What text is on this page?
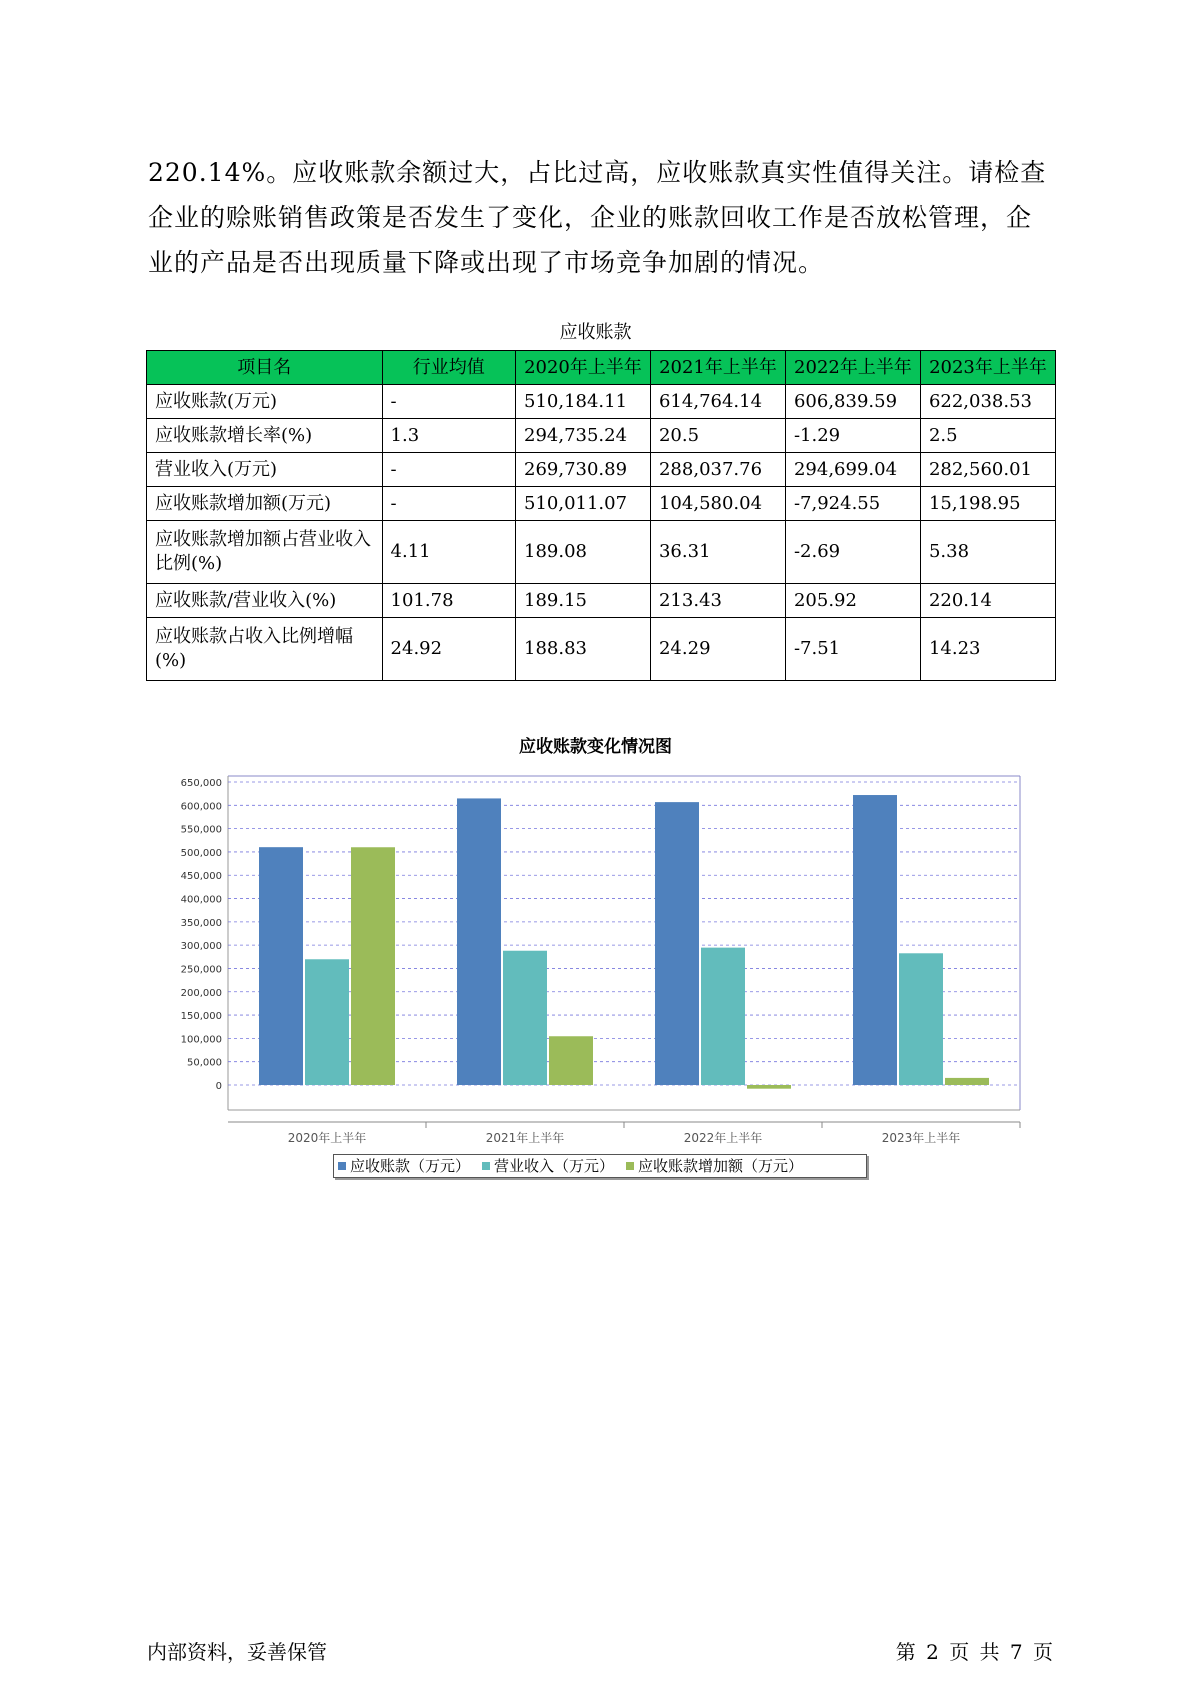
220.14%。应收账款余额过大，占比过高，应收账款真实性值得关注。请检查企业的赊账销售政策是否发生了变化，企业的账款回收工作是否放松管理，企业的产品是否出现质量下降或出现了市场竞争加剧的情况。
应收账款
项目名	行业均值	2020年上半年	2021年上半年	2022年上半年	2023年上半年
应收账款(万元)	-	510,184.11	614,764.14	606,839.59	622,038.53
应收账款增长率(%)	1.3	294,735.24	20.5	-1.29	2.5
营业收入(万元)	-	269,730.89	288,037.76	294,699.04	282,560.01
应收账款增加额(万元)	-	510,011.07	104,580.04	-7,924.55	15,198.95
应收账款增加额占营业收入比例(%)	4.11	189.08	36.31	-2.69	5.38
应收账款/营业收入(%)	101.78	189.15	213.43	205.92	220.14
应收账款占收入比例增幅(%)	24.92	188.83	24.29	-7.51	14.23
应收账款变化情况图
650,000
600,000
550,000
500,000
450,000
400,000
350,000
300,000
250,000
200,000
150,000
100,000
50,000
0
2020年上半年	2021年上半年	2022年上半年	2023年上半年
应收账款（万元） 营业收入（万元） 应收账款增加额（万元）
内部资料，妥善保管	第 2 页 共 7 页
